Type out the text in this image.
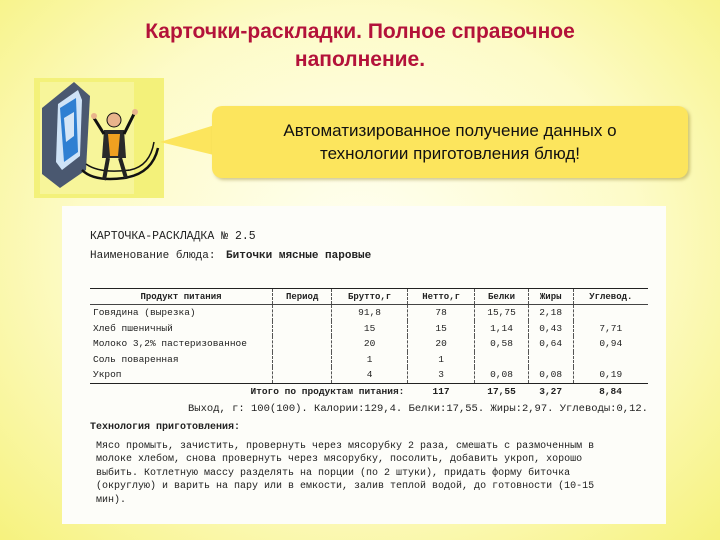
Карточки-раскладки. Полное справочное
наполнение.
Автоматизированное получение данных о
технологии приготовления блюд!
КАРТОЧКА-РАСКЛАДКА № 2.5
Наименование блюда: Биточки мясные паровые
Продукт питания	Период	Брутто,г	Нетто,г	Белки	Жиры	Углевод.
Говядина (вырезка)		91,8	78	15,75	2,18	
Хлеб пшеничный		15	15	1,14	0,43	7,71
Молоко 3,2% пастеризованное		20	20	0,58	0,64	0,94
Соль поваренная		1	1			
Укроп		4	3	0,08	0,08	0,19
Итого по продуктам питания:			117	17,55	3,27	8,84
Выход, г: 100(100). Калории:129,4. Белки:17,55. Жиры:2,97. Углеводы:0,12.
Технология приготовления:
Мясо промыть, зачистить, провернуть через мясорубку 2 раза, смешать с размоченным в молоке хлебом, снова провернуть через мясорубку, посолить, добавить укроп, хорошо выбить. Котлетную массу разделять на порции (по 2 штуки), придать форму биточка (округлую) и варить на пару или в емкости, залив теплой водой, до готовности (10-15 мин).
